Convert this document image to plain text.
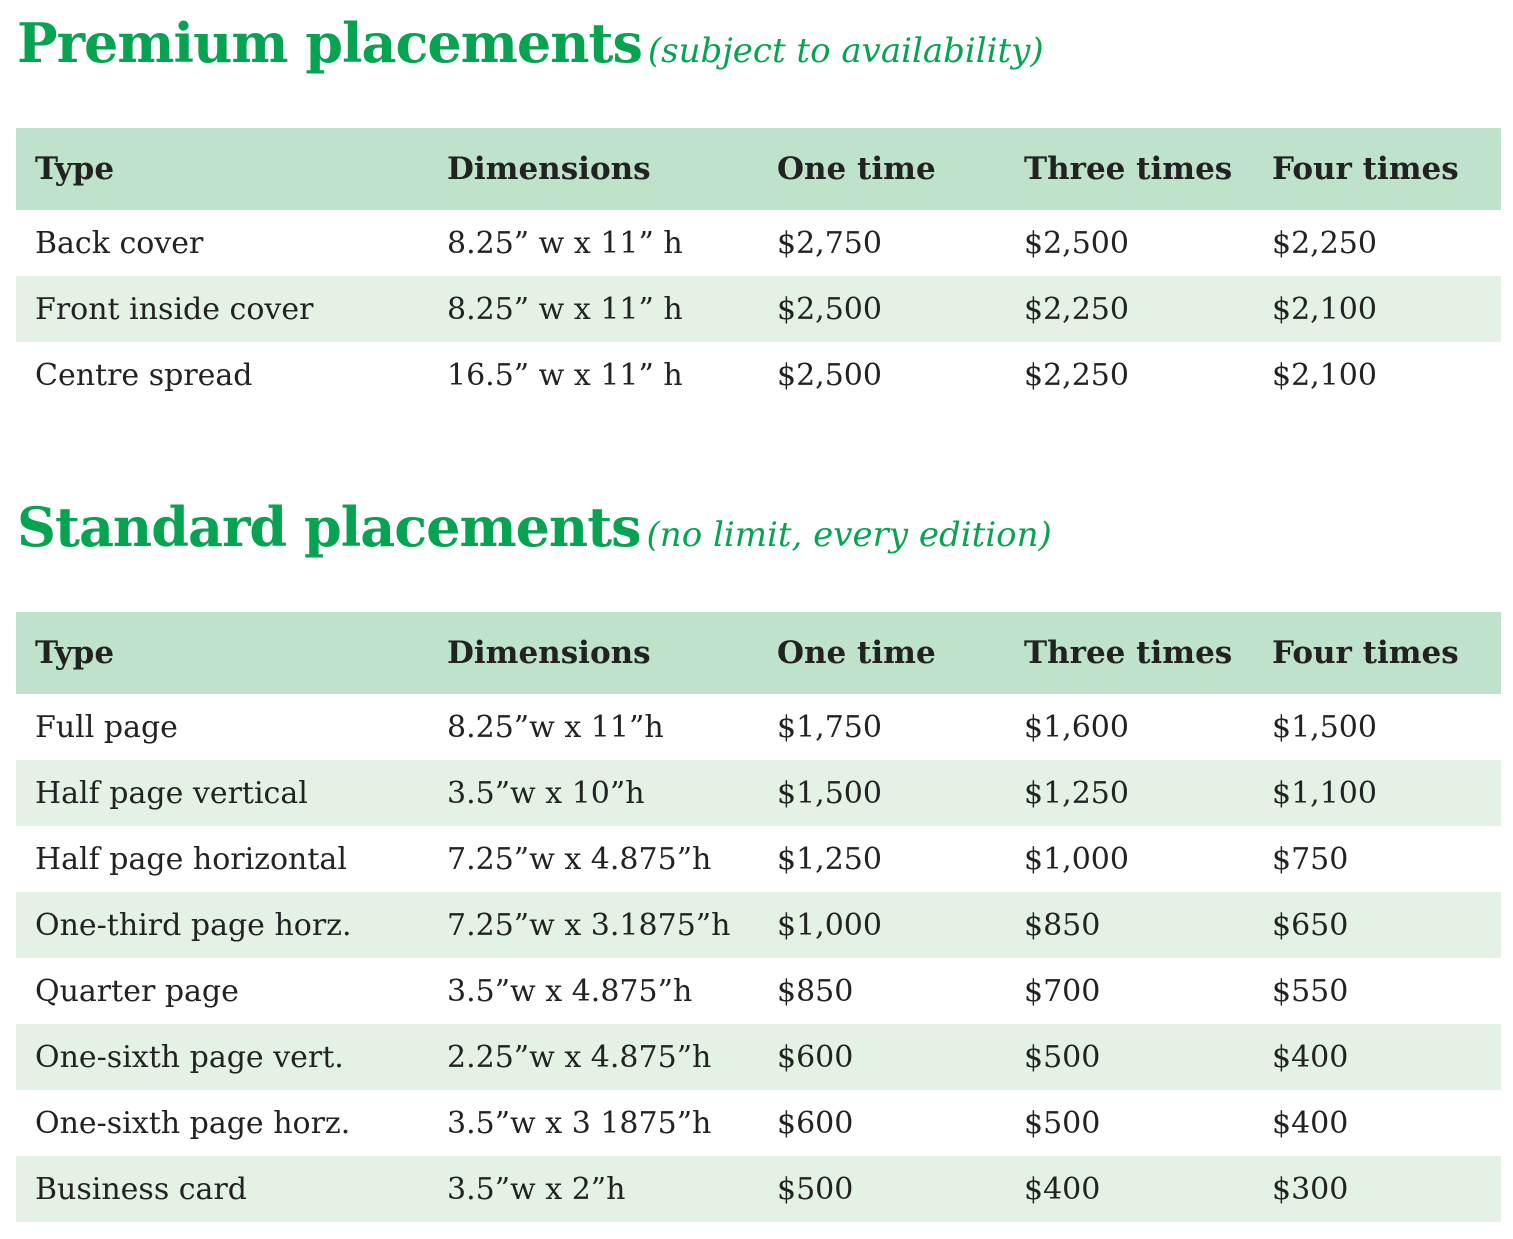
Premium placements (subject to availability)
Type	Dimensions	One time	Three times Four times
Back cover	8.25” w x 11” h	$2,750	$2,500	$2,250
Front inside cover	8.25” w x 11” h	$2,500	$2,250	$2,100
Centre spread	16.5” w x 11” h	$2,500	$2,250	$2,100
Standard placements (no limit, every edition)
Type	Dimensions	One time	Three times Four times
Full page	8.25”w x 11”h	$1,750	$1,600	$1,500
Half page vertical	3.5”w x 10”h	$1,500	$1,250	$1,100
Half page horizontal	7.25”w x 4.875”h $1,250	$1,000	$750
One-third page horz.	7.25”w x 3.1875”h $1,000	$850	$650
Quarter page	3.5”w x 4.875”h	$850	$700	$550
One-sixth page vert.	2.25”w x 4.875”h $600	$500	$400
One-sixth page horz.	3.5”w x 3 1875”h $600	$500	$400
Business card	3.5”w x 2”h	$500	$400	$300
